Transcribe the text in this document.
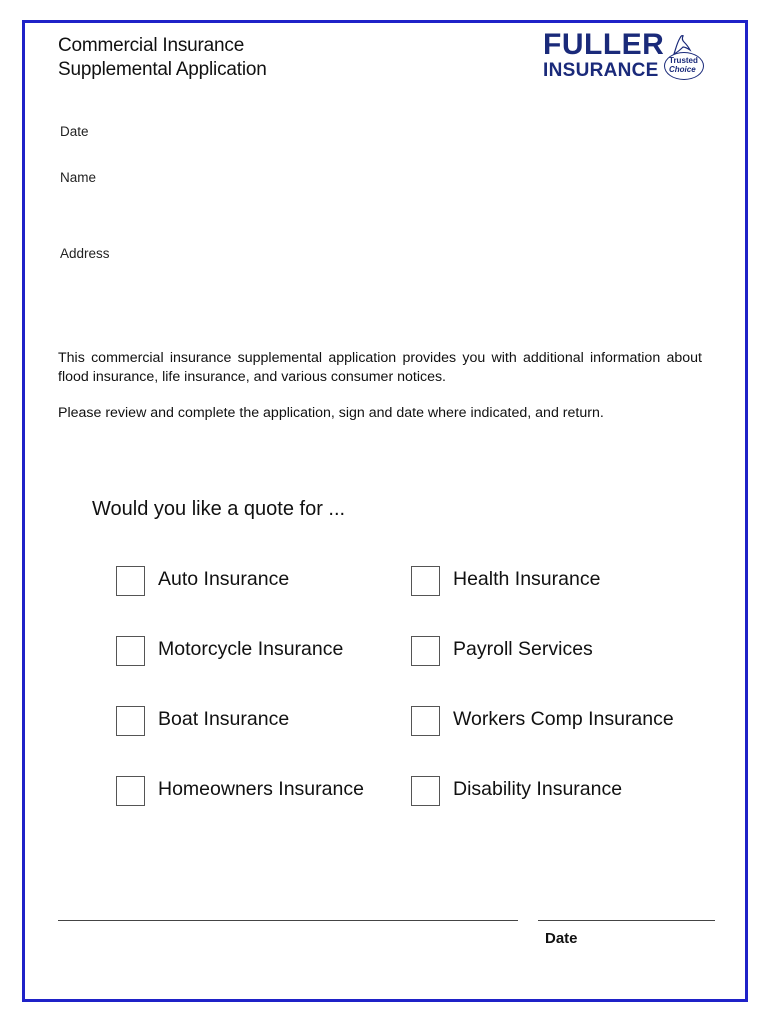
Commercial Insurance
Supplemental Application
FULLER
INSURANCE Trusted
Choice
Date
Name
Address
This commercial insurance supplemental application provides you with additional information about flood insurance, life insurance, and various consumer notices.
Please review and complete the application, sign and date where indicated, and return.
Would you like a quote for ...
Auto Insurance
Motorcycle Insurance
Boat Insurance
Homeowners Insurance
Health Insurance
Payroll Services
Workers Comp Insurance
Disability Insurance
Date
